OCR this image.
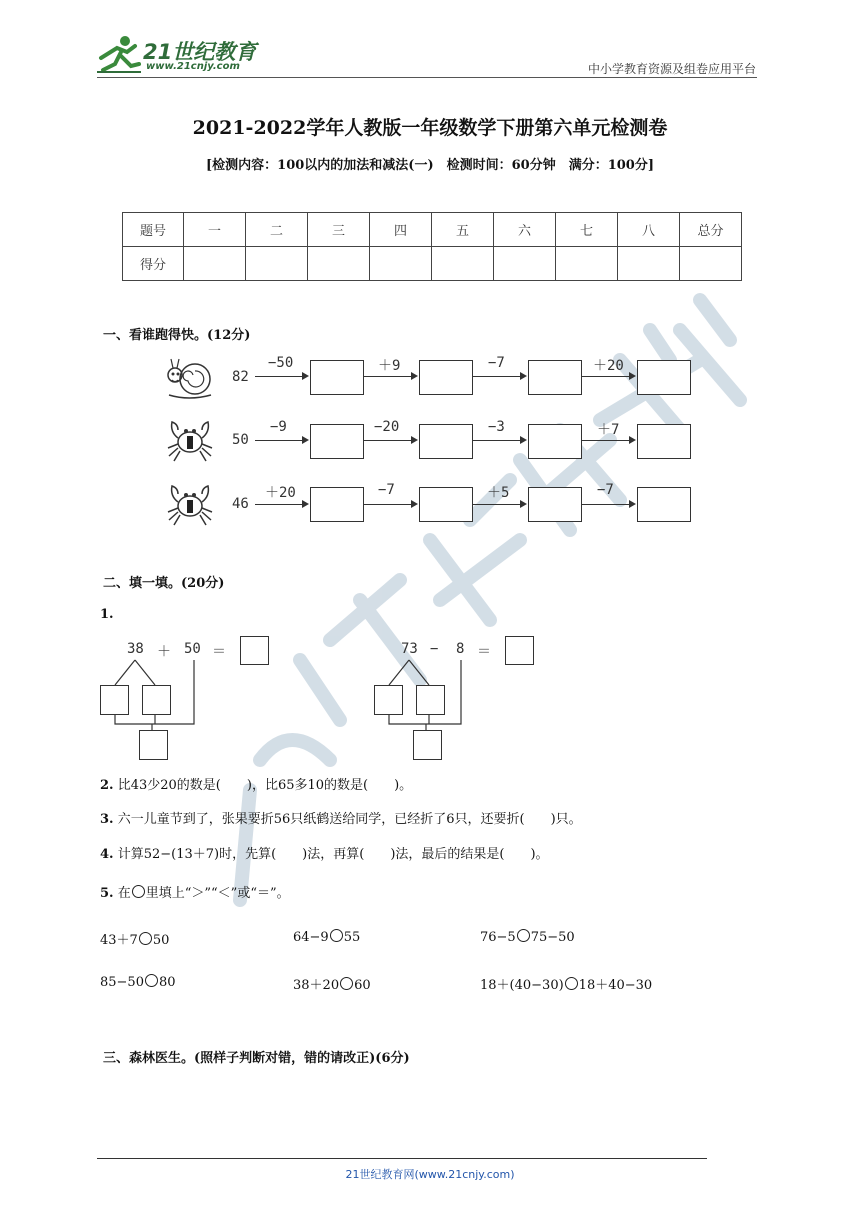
21世纪教育
www.21cnjy.com	中小学教育资源及组卷应用平台
2021-2022学年人教版一年级数学下册第六单元检测卷
[检测内容：100以内的加法和减法(一)　检测时间：60分钟　满分：100分]
题号	一	二	三	四	五	六	七	八	总分
得分									
一、看谁跑得快。(12分)
82
−50	＋9	−7	＋20
50
−9	−20	−3	＋7
46
＋20	−7	＋5	−7
二、填一填。(20分)
1.
38 ＋ 50 ＝	73 − 8 ＝
2. 比43少20的数是(　　)，比65多10的数是(　　)。
3. 六一儿童节到了，张果要折56只纸鹤送给同学，已经折了6只，还要折(　　)只。
4. 计算52−(13＋7)时，先算(　　)法，再算(　　)法，最后的结果是(　　)。
5. 在 里填上“＞”“＜”或“＝”。
43＋7 50	64−9 55	76−5 75−50
85−50 80	38＋20 60	18＋(40−30) 18＋40−30
三、森林医生。(照样子判断对错，错的请改正)(6分)
21世纪教育网(www.21cnjy.com)
